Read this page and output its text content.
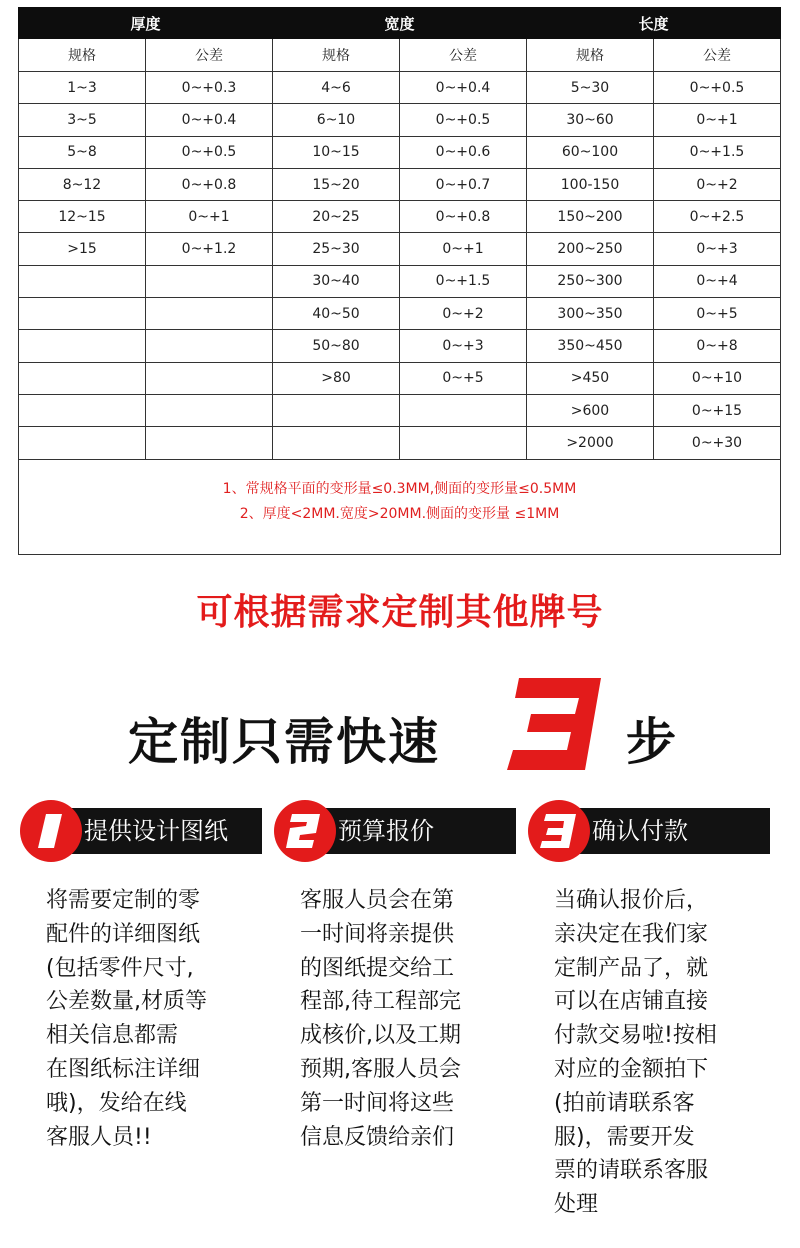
厚度		宽度		长度	
规格	公差	规格	公差	规格	公差
1~3	0~+0.3	4~6	0~+0.4	5~30	0~+0.5
3~5	0~+0.4	6~10	0~+0.5	30~60	0~+1
5~8	0~+0.5	10~15	0~+0.6	60~100	0~+1.5
8~12	0~+0.8	15~20	0~+0.7	100-150	0~+2
12~15	0~+1	20~25	0~+0.8	150~200	0~+2.5
>15	0~+1.2	25~30	0~+1	200~250	0~+3
		30~40	0~+1.5	250~300	0~+4
		40~50	0~+2	300~350	0~+5
		50~80	0~+3	350~450	0~+8
		>80	0~+5	>450	0~+10
				>600	0~+15
				>2000	0~+30
1、常规格平面的变形量≤0.3MM,侧面的变形量≤0.5MM
2、厚度<2MM.宽度>20MM.侧面的变形量 ≤1MM
可根据需求定制其他牌号
定制只需快速	步
提供设计图纸
将需要定制的零
配件的详细图纸
(包括零件尺寸,
公差数量,材质等
相关信息都需
在图纸标注详细
哦)，发给在线
客服人员!!
预算报价
客服人员会在第
一时间将亲提供
的图纸提交给工
程部,待工程部完
成核价,以及工期
预期,客服人员会
第一时间将这些
信息反馈给亲们
确认付款
当确认报价后，
亲决定在我们家
定制产品了，就
可以在店铺直接
付款交易啦!按相
对应的金额拍下
(拍前请联系客
服)，需要开发
票的请联系客服
处理
